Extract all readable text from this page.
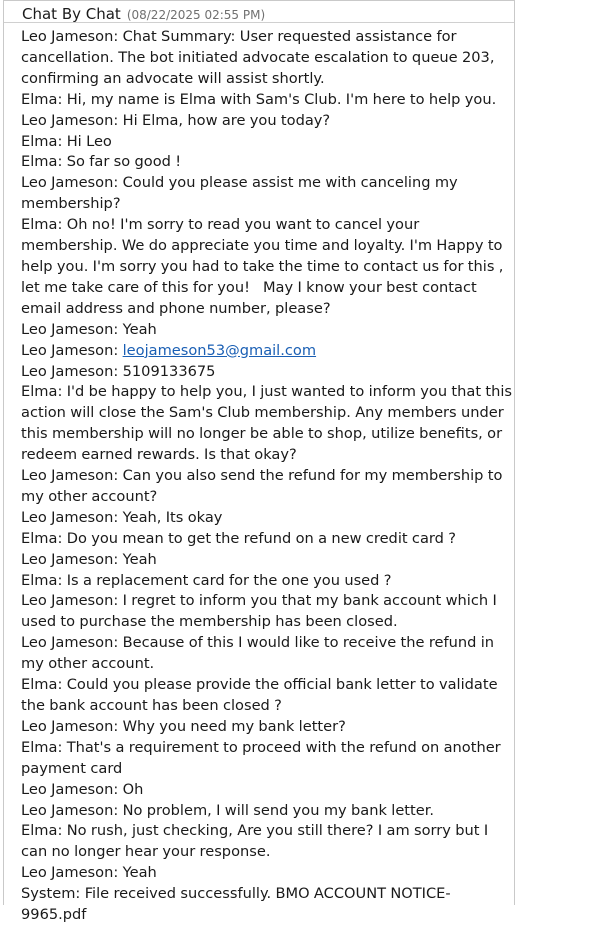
Chat By Chat (08/22/2025 02:55 PM)

Leo Jameson: Chat Summary: User requested assistance for cancellation. The bot initiated advocate escalation to queue 203, confirming an advocate will assist shortly.

Elma: Hi, my name is Elma with Sam's Club. I'm here to help you.

Leo Jameson: Hi Elma, how are you today?

Elma: Hi Leo

Elma: So far so good !

Leo Jameson: Could you please assist me with canceling my membership?

Elma: Oh no! I'm sorry to read you want to cancel your membership. We do appreciate you time and loyalty. I'm Happy to help you. I'm sorry you had to take the time to contact us for this , let me take care of this for you!   May I know your best contact email address and phone number, please?

Leo Jameson: Yeah

Leo Jameson: leojameson53@gmail.com

Leo Jameson: 5109133675

Elma: I'd be happy to help you, I just wanted to inform you that this action will close the Sam's Club membership. Any members under this membership will no longer be able to shop, utilize benefits, or redeem earned rewards. Is that okay?

Leo Jameson: Can you also send the refund for my membership to my other account?

Leo Jameson: Yeah, Its okay

Elma: Do you mean to get the refund on a new credit card ?

Leo Jameson: Yeah

Elma: Is a replacement card for the one you used ?

Leo Jameson: I regret to inform you that my bank account which I used to purchase the membership has been closed.

Leo Jameson: Because of this I would like to receive the refund in my other account.

Elma: Could you please provide the official bank letter to validate the bank account has been closed ?

Leo Jameson: Why you need my bank letter?

Elma: That's a requirement to proceed with the refund on another payment card

Leo Jameson: Oh

Leo Jameson: No problem, I will send you my bank letter.

Elma: No rush, just checking, Are you still there? I am sorry but I can no longer hear your response.

Leo Jameson: Yeah

System: File received successfully. BMO ACCOUNT NOTICE-9965.pdf
